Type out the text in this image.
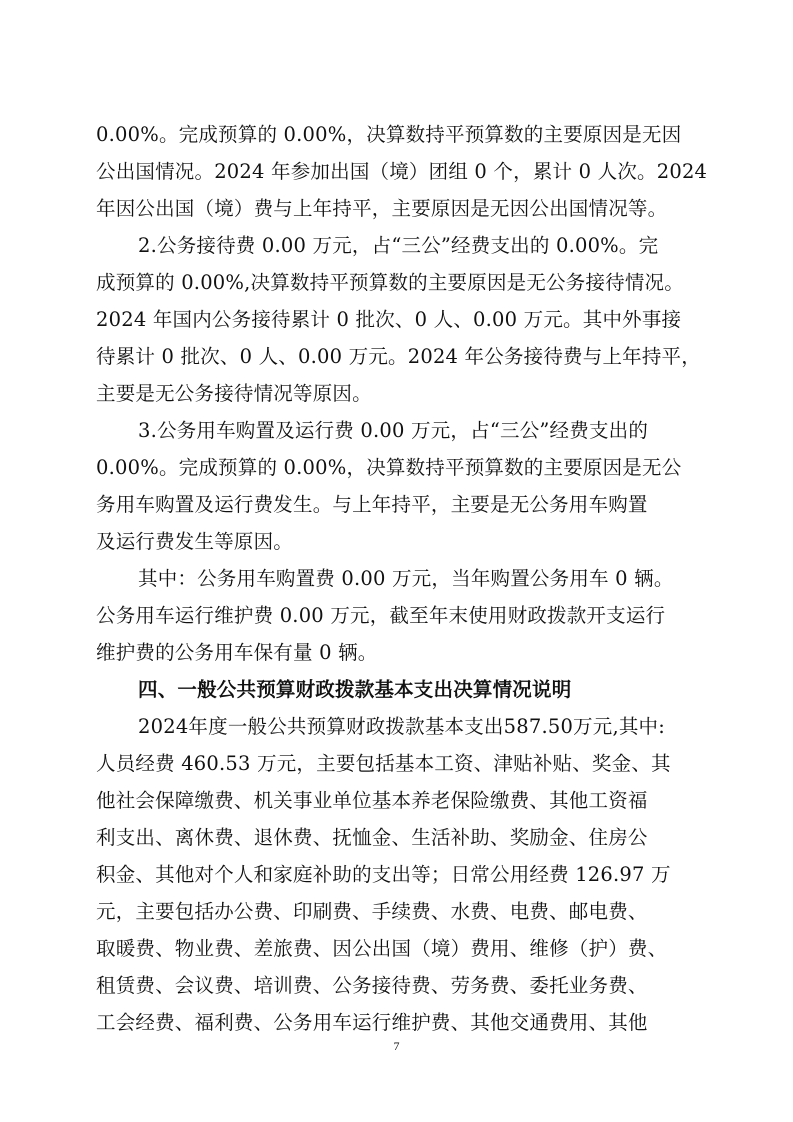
0.00%。完成预算的 0.00%，决算数持平预算数的主要原因是无因
公出国情况。2024 年参加出国（境）团组 0 个，累计 0 人次。2024
年因公出国（境）费与上年持平，主要原因是无因公出国情况等。
2.公务接待费 0.00 万元，占“三公”经费支出的 0.00%。完
成预算的 0.00%,决算数持平预算数的主要原因是无公务接待情况。
2024 年国内公务接待累计 0 批次、0 人、0.00 万元。其中外事接
待累计 0 批次、0 人、0.00 万元。2024 年公务接待费与上年持平，
主要是无公务接待情况等原因。
3.公务用车购置及运行费 0.00 万元，占“三公”经费支出的
0.00%。完成预算的 0.00%，决算数持平预算数的主要原因是无公
务用车购置及运行费发生。与上年持平，主要是无公务用车购置
及运行费发生等原因。
其中：公务用车购置费 0.00 万元，当年购置公务用车 0 辆。
公务用车运行维护费 0.00 万元，截至年末使用财政拨款开支运行
维护费的公务用车保有量 0 辆。
四、一般公共预算财政拨款基本支出决算情况说明
2024年度一般公共预算财政拨款基本支出587.50万元,其中:
人员经费 460.53 万元，主要包括基本工资、津贴补贴、奖金、其
他社会保障缴费、机关事业单位基本养老保险缴费、其他工资福
利支出、离休费、退休费、抚恤金、生活补助、奖励金、住房公
积金、其他对个人和家庭补助的支出等；日常公用经费 126.97 万
元，主要包括办公费、印刷费、手续费、水费、电费、邮电费、
取暖费、物业费、差旅费、因公出国（境）费用、维修（护）费、
租赁费、会议费、培训费、公务接待费、劳务费、委托业务费、
工会经费、福利费、公务用车运行维护费、其他交通费用、其他
7
